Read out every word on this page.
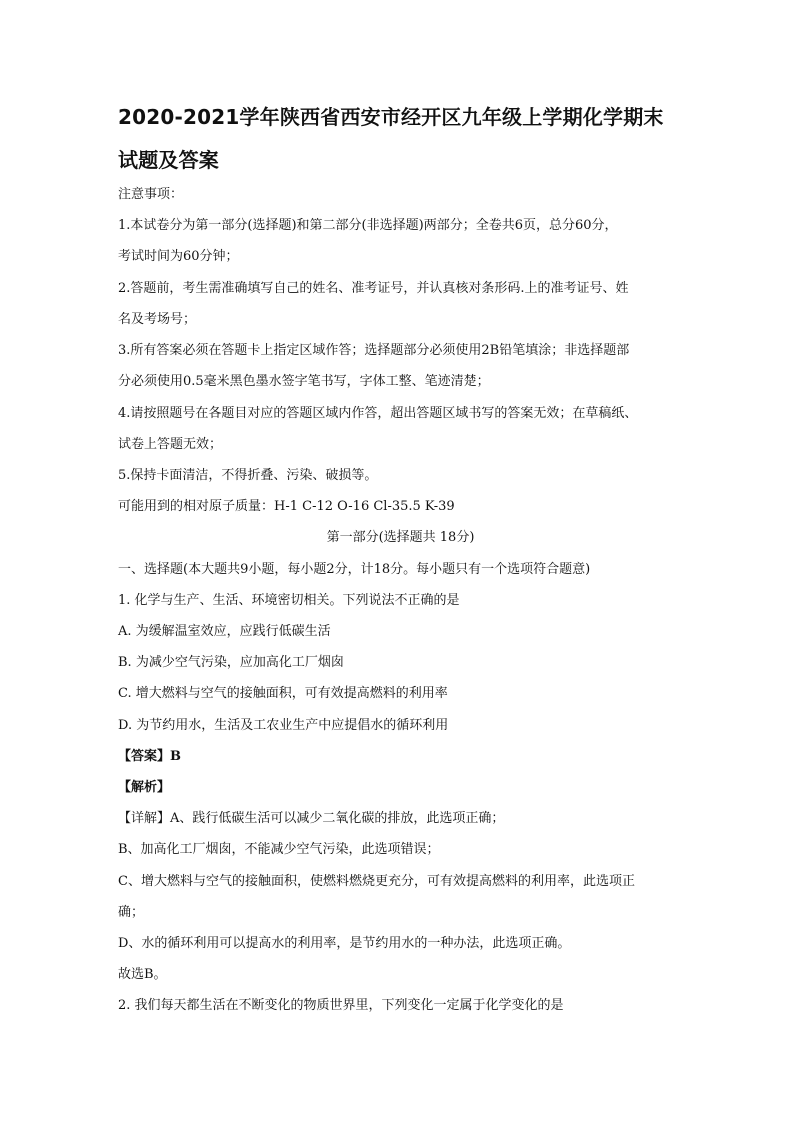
2020-2021学年陕西省西安市经开区九年级上学期化学期末
试题及答案
注意事项：
1.本试卷分为第一部分(选择题)和第二部分(非选择题)两部分；全卷共6页，总分60分，
考试时间为60分钟；
2.答题前，考生需准确填写自己的姓名、准考证号，并认真核对条形码.上的准考证号、姓
名及考场号；
3.所有答案必须在答题卡上指定区域作答；选择题部分必须使用2B铅笔填涂；非选择题部
分必须使用0.5毫米黑色墨水签字笔书写，字体工整、笔迹清楚；
4.请按照题号在各题目对应的答题区域内作答，超出答题区域书写的答案无效；在草稿纸、
试卷上答题无效；
5.保持卡面清洁，不得折叠、污染、破损等。
可能用到的相对原子质量：H-1 C-12 O-16 Cl-35.5 K-39
第一部分(选择题共 18分)
一、选择题(本大题共9小题，每小题2分，计18分。每小题只有一个选项符合题意)
1. 化学与生产、生活、环境密切相关。下列说法不正确的是
A. 为缓解温室效应，应践行低碳生活
B. 为减少空气污染，应加高化工厂烟囱
C. 增大燃料与空气的接触面积，可有效提高燃料的利用率
D. 为节约用水，生活及工农业生产中应提倡水的循环利用
【答案】B
【解析】
【详解】A、践行低碳生活可以减少二氧化碳的排放，此选项正确；
B、加高化工厂烟囱，不能减少空气污染，此选项错误；
C、增大燃料与空气的接触面积，使燃料燃烧更充分，可有效提高燃料的利用率，此选项正
确；
D、水的循环利用可以提高水的利用率，是节约用水的一种办法，此选项正确。
故选B。
2. 我们每天都生活在不断变化的物质世界里，下列变化一定属于化学变化的是
